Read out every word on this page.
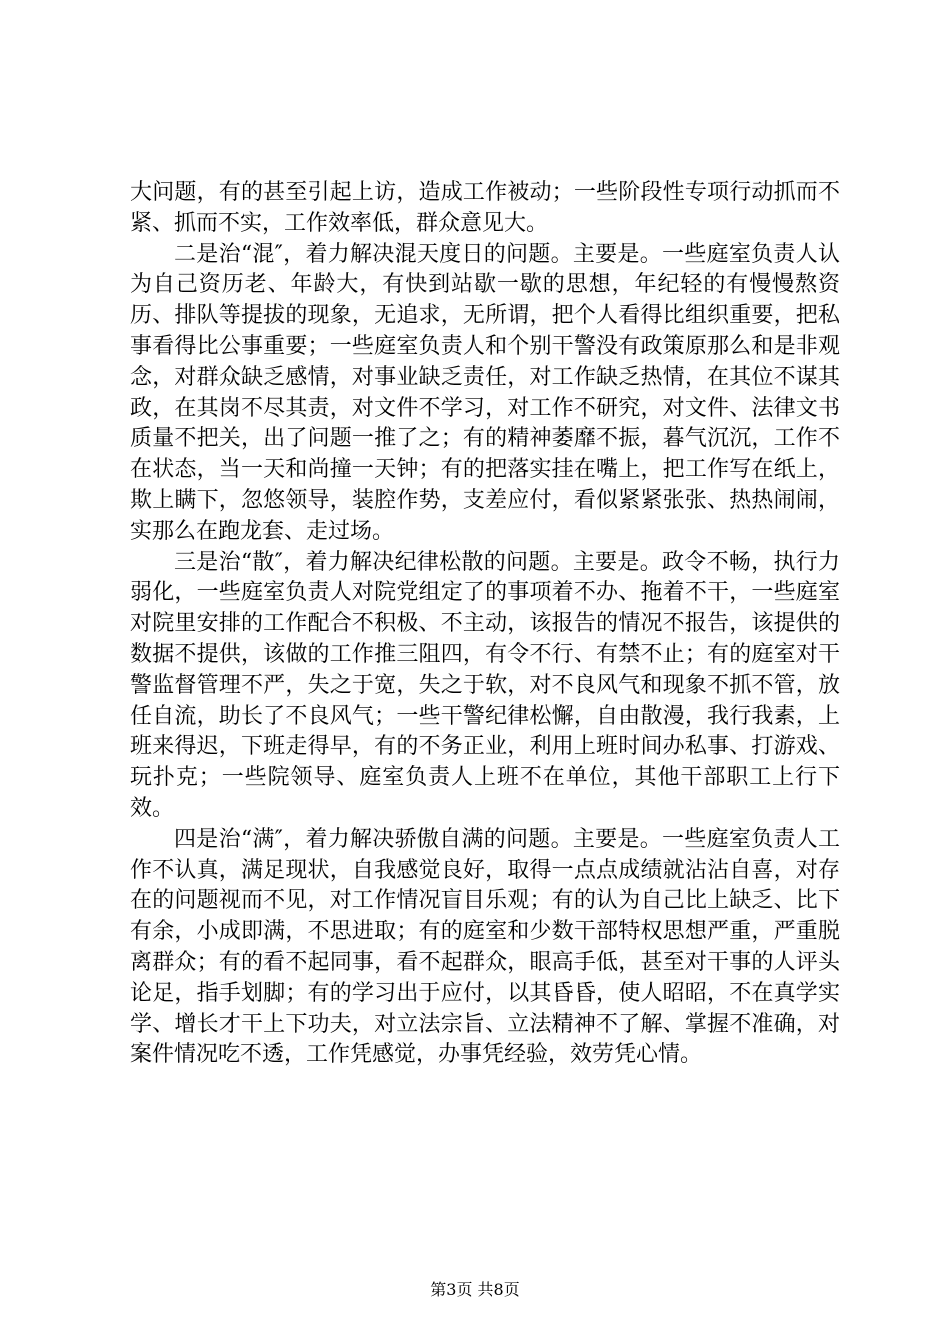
大问题，有的甚至引起上访，造成工作被动；一些阶段性专项行动抓而不紧、抓而不实，工作效率低，群众意见大。

二是治“混″，着力解决混天度日的问题。主要是。一些庭室负责人认为自己资历老、年龄大，有快到站歇一歇的思想，年纪轻的有慢慢熬资历、排队等提拔的现象，无追求，无所谓，把个人看得比组织重要，把私事看得比公事重要；一些庭室负责人和个别干警没有政策原那么和是非观念，对群众缺乏感情，对事业缺乏责任，对工作缺乏热情，在其位不谋其政，在其岗不尽其责，对文件不学习，对工作不研究，对文件、法律文书质量不把关，出了问题一推了之；有的精神萎靡不振，暮气沉沉，工作不在状态，当一天和尚撞一天钟；有的把落实挂在嘴上，把工作写在纸上，欺上瞒下，忽悠领导，装腔作势，支差应付，看似紧紧张张、热热闹闹，实那么在跑龙套、走过场。

三是治“散″，着力解决纪律松散的问题。主要是。政令不畅，执行力弱化，一些庭室负责人对院党组定了的事项着不办、拖着不干，一些庭室对院里安排的工作配合不积极、不主动，该报告的情况不报告，该提供的数据不提供，该做的工作推三阻四，有令不行、有禁不止；有的庭室对干警监督管理不严，失之于宽，失之于软，对不良风气和现象不抓不管，放任自流，助长了不良风气；一些干警纪律松懈，自由散漫，我行我素，上班来得迟，下班走得早，有的不务正业，利用上班时间办私事、打游戏、玩扑克；一些院领导、庭室负责人上班不在单位，其他干部职工上行下效。

四是治“满″，着力解决骄傲自满的问题。主要是。一些庭室负责人工作不认真，满足现状，自我感觉良好，取得一点点成绩就沾沾自喜，对存在的问题视而不见，对工作情况盲目乐观；有的认为自己比上缺乏、比下有余，小成即满，不思进取；有的庭室和少数干部特权思想严重，严重脱离群众；有的看不起同事，看不起群众，眼高手低，甚至对干事的人评头论足，指手划脚；有的学习出于应付，以其昏昏，使人昭昭，不在真学实学、增长才干上下功夫，对立法宗旨、立法精神不了解、掌握不准确，对案件情况吃不透，工作凭感觉，办事凭经验，效劳凭心情。

第3页 共8页
